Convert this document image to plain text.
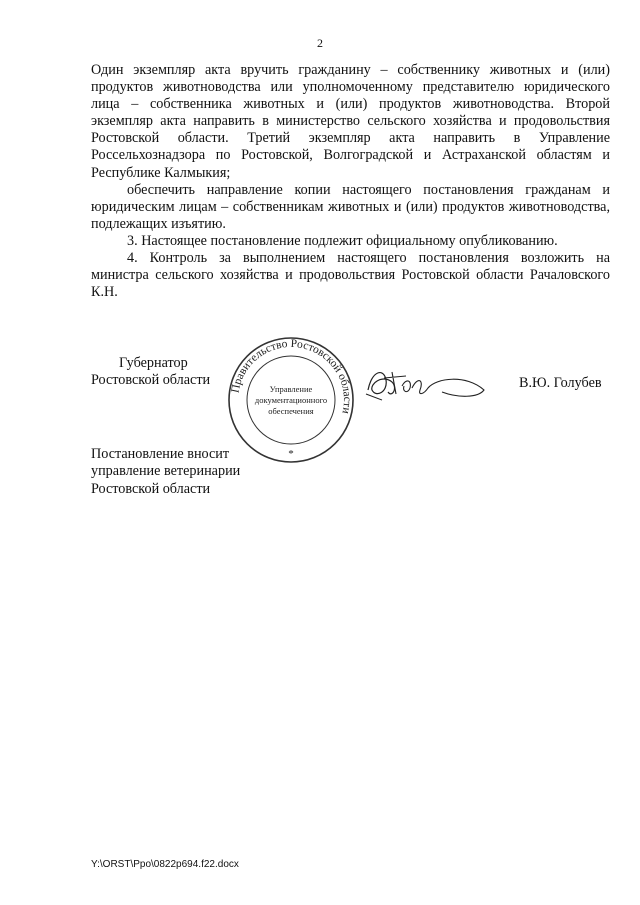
2

Один экземпляр акта вручить гражданину – собственнику животных и (или) продуктов животноводства или уполномоченному представителю юридического лица – собственника животных и (или) продуктов животноводства. Второй экземпляр акта направить в министерство сельского хозяйства и продовольствия Ростовской области. Третий экземпляр акта направить в Управление Россельхознадзора по Ростовской, Волгоградской и Астраханской областям и Республике Калмыкия;

обеспечить направление копии настоящего постановления гражданам и юридическим лицам – собственникам животных и (или) продуктов животноводства, подлежащих изъятию.

3. Настоящее постановление подлежит официальному опубликованию.

4. Контроль за выполнением настоящего постановления возложить на министра сельского хозяйства и продовольствия Ростовской области Рачаловского К.Н.

Губернатор
Ростовской области
Правительство Ростовской области
Управление
документационного
обеспечения
*
В.Ю. Голубев
Постановление вносит
управление ветеринарии
Ростовской области
Y:\ORST\Ppo\0822p694.f22.docx
